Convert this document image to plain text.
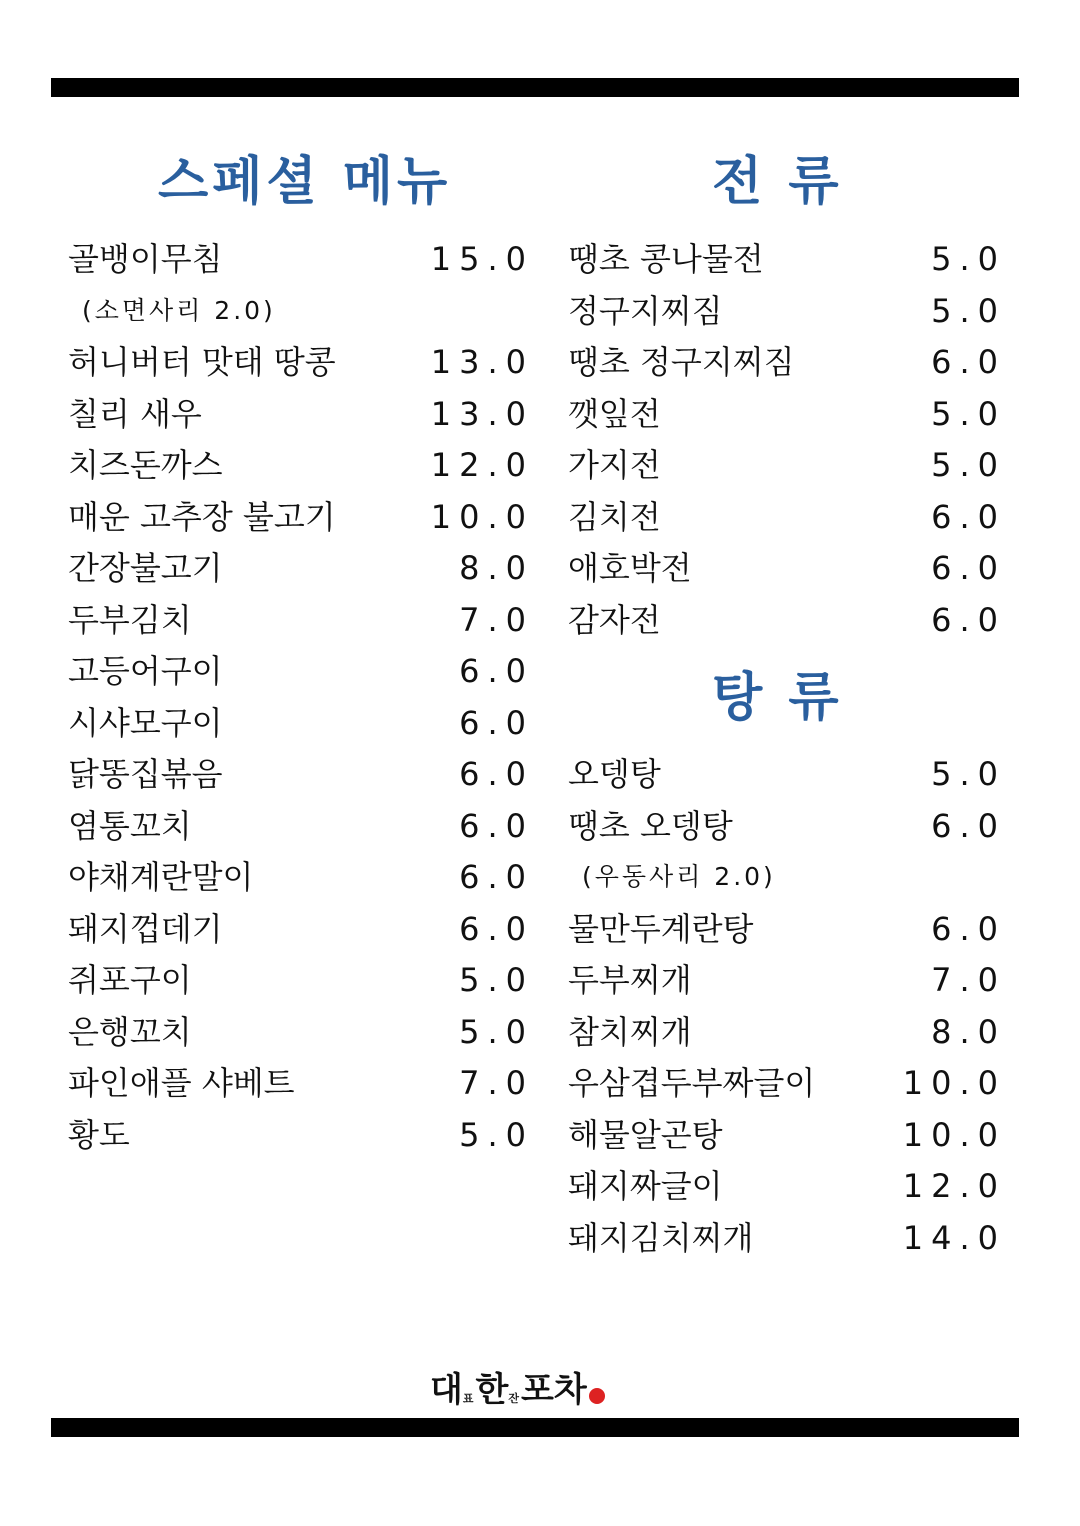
스페셜 메뉴	전 류
탕 류
골뱅이무침	15.0
(소면사리 2.0)
허니버터 맛태 땅콩	13.0
칠리 새우	13.0
치즈돈까스	12.0
매운 고추장 불고기	10.0
간장불고기	8.0
두부김치	7.0
고등어구이	6.0
시샤모구이	6.0
닭똥집볶음	6.0
염통꼬치	6.0
야채계란말이	6.0
돼지껍데기	6.0
쥐포구이	5.0
은행꼬치	5.0
파인애플 샤베트	7.0
황도	5.0
땡초 콩나물전	5.0
정구지찌짐	5.0
땡초 정구지찌짐	6.0
깻잎전	5.0
가지전	5.0
김치전	6.0
애호박전	6.0
감자전	6.0
오뎅탕	5.0
땡초 오뎅탕	6.0
(우동사리 2.0)
물만두계란탕	6.0
두부찌개	7.0
참치찌개	8.0
우삼겹두부짜글이	10.0
해물알곤탕	10.0
돼지짜글이	12.0
돼지김치찌개	14.0
대 표 한 잔 포차
